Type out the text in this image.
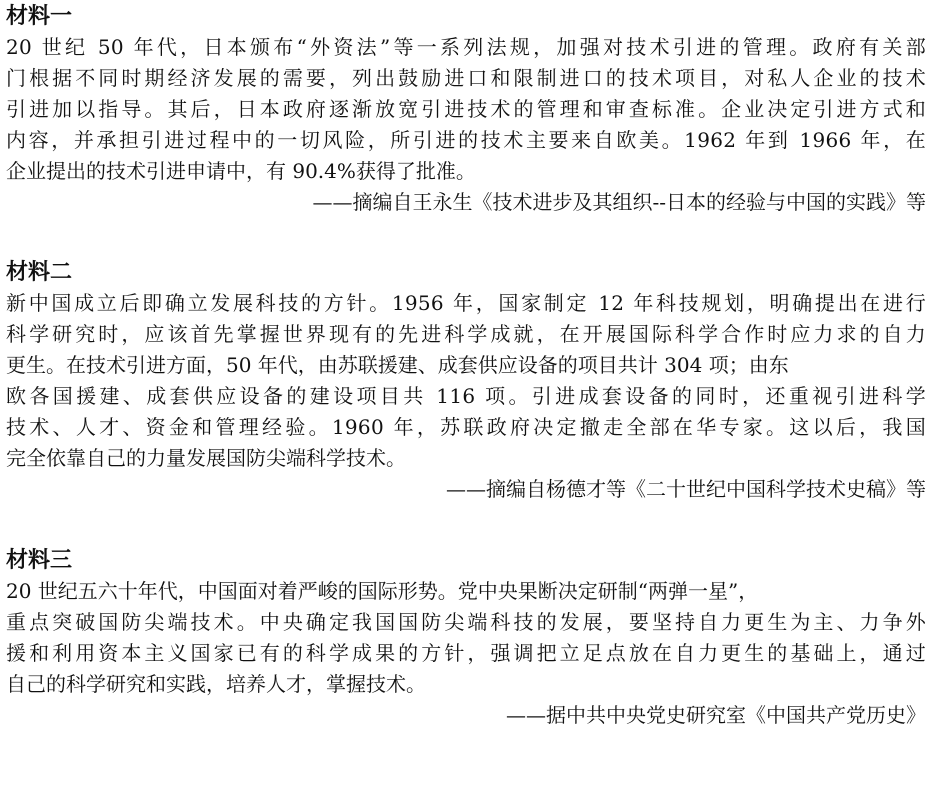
材料一
20 世纪 50 年代，日本颁布“外资法”等一系列法规，加强对技术引进的管理。政府有关部
门根据不同时期经济发展的需要，列出鼓励进口和限制进口的技术项目，对私人企业的技术
引进加以指导。其后，日本政府逐渐放宽引进技术的管理和审查标准。企业决定引进方式和
内容，并承担引进过程中的一切风险，所引进的技术主要来自欧美。1962 年到 1966 年，在
企业提出的技术引进申请中，有 90.4%获得了批准。
——摘编自王永生《技术进步及其组织--日本的经验与中国的实践》等
材料二
新中国成立后即确立发展科技的方针。1956 年，国家制定 12 年科技规划，明确提出在进行
科学研究时，应该首先掌握世界现有的先进科学成就，在开展国际科学合作时应力求的自力
更生。在技术引进方面，50 年代，由苏联援建、成套供应设备的项目共计 304 项；由东
欧各国援建、成套供应设备的建设项目共 116 项。引进成套设备的同时，还重视引进科学
技术、人才、资金和管理经验。1960 年，苏联政府决定撤走全部在华专家。这以后，我国
完全依靠自己的力量发展国防尖端科学技术。
——摘编自杨德才等《二十世纪中国科学技术史稿》等
材料三
20 世纪五六十年代，中国面对着严峻的国际形势。党中央果断决定研制“两弹一星”，
重点突破国防尖端技术。中央确定我国国防尖端科技的发展，要坚持自力更生为主、力争外
援和利用资本主义国家已有的科学成果的方针，强调把立足点放在自力更生的基础上，通过
自己的科学研究和实践，培养人才，掌握技术。
——据中共中央党史研究室《中国共产党历史》
